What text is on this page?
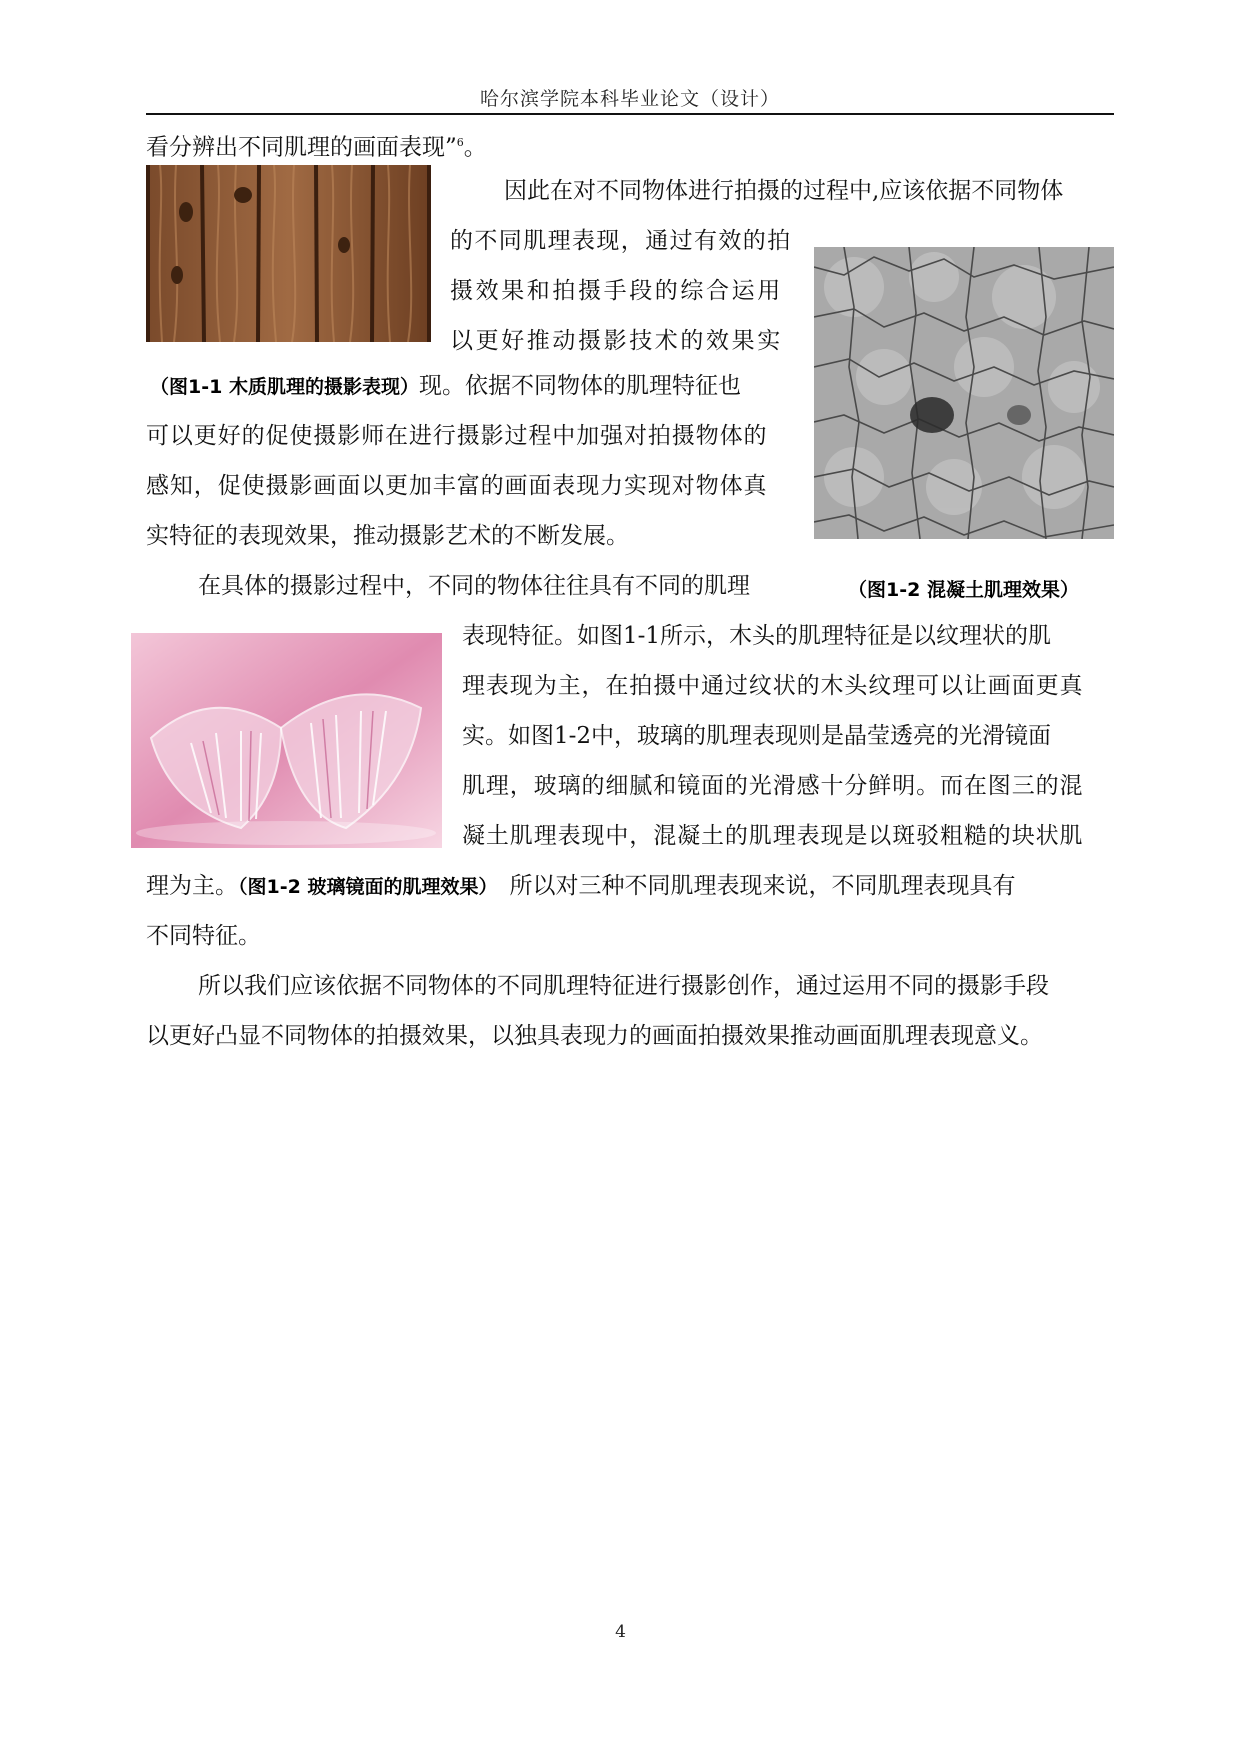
哈尔滨学院本科毕业论文（设计）
看分辨出不同肌理的画面表现”$^6$。
因此在对不同物体进行拍摄的过程中,应该依据不同物体
的不同肌理表现，通过有效的拍
摄效果和拍摄手段的综合运用
以更好推动摄影技术的效果实
（图1-1 木质肌理的摄影表现）现。依据不同物体的肌理特征也
可以更好的促使摄影师在进行摄影过程中加强对拍摄物体的
感知，促使摄影画面以更加丰富的画面表现力实现对物体真
实特征的表现效果，推动摄影艺术的不断发展。
在具体的摄影过程中，不同的物体往往具有不同的肌理	（图1-2 混凝土肌理效果）
表现特征。如图1-1所示，木头的肌理特征是以纹理状的肌
理表现为主，在拍摄中通过纹状的木头纹理可以让画面更真
实。如图1-2中，玻璃的肌理表现则是晶莹透亮的光滑镜面
肌理，玻璃的细腻和镜面的光滑感十分鲜明。而在图三的混
凝土肌理表现中，混凝土的肌理表现是以斑驳粗糙的块状肌
理为主。（图1-2 玻璃镜面的肌理效果） 所以对三种不同肌理表现来说，不同肌理表现具有
不同特征。
所以我们应该依据不同物体的不同肌理特征进行摄影创作，通过运用不同的摄影手段
以更好凸显不同物体的拍摄效果，以独具表现力的画面拍摄效果推动画面肌理表现意义。
4
